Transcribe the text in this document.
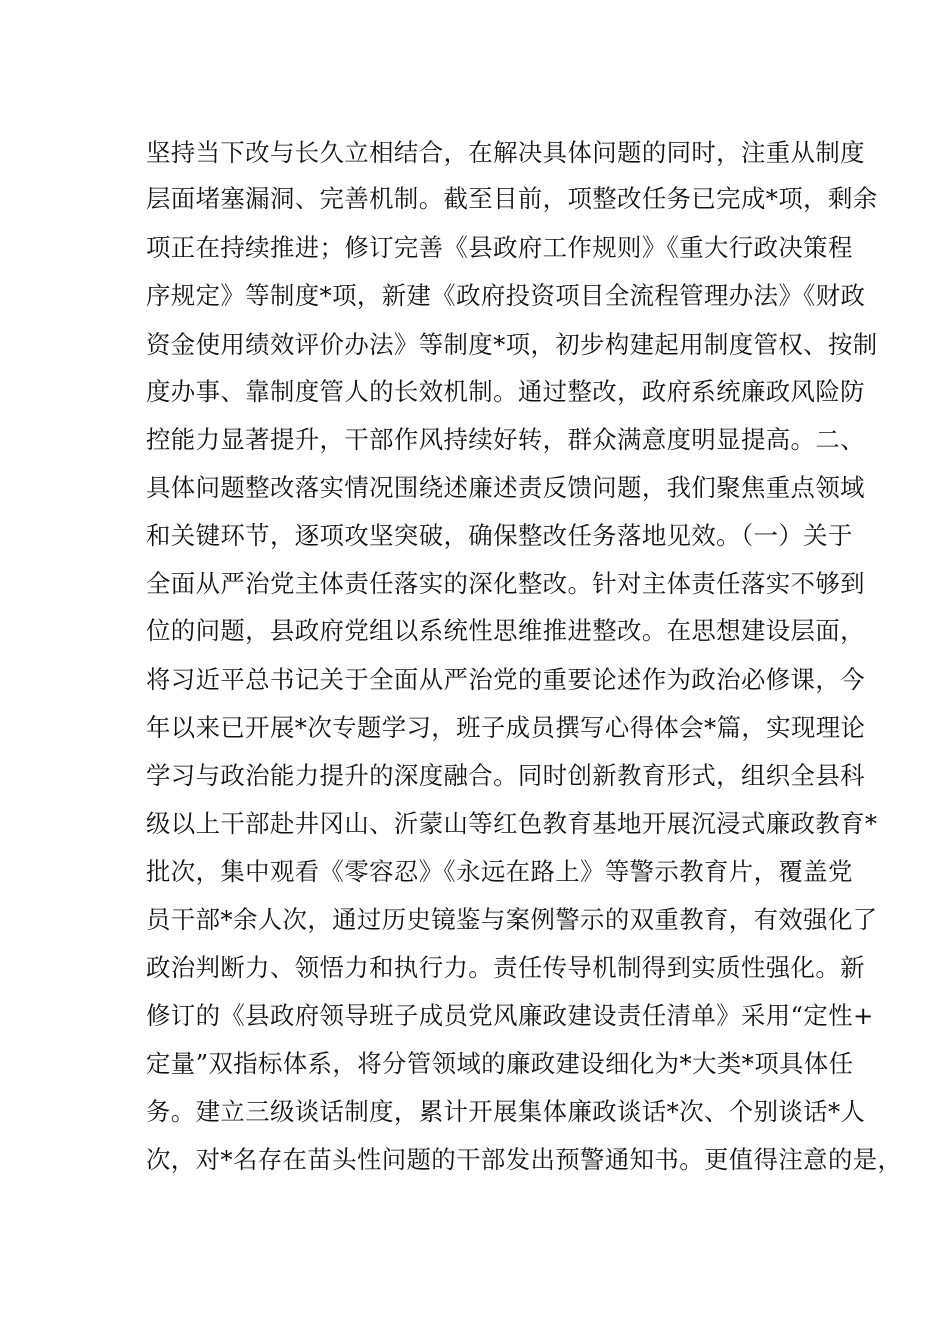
坚持当下改与长久立相结合，在解决具体问题的同时，注重从制度
层面堵塞漏洞、完善机制。截至目前，项整改任务已完成*项，剩余
项正在持续推进；修订完善《县政府工作规则》《重大行政决策程
序规定》等制度*项，新建《政府投资项目全流程管理办法》《财政
资金使用绩效评价办法》等制度*项，初步构建起用制度管权、按制
度办事、靠制度管人的长效机制。通过整改，政府系统廉政风险防
控能力显著提升，干部作风持续好转，群众满意度明显提高。二、
具体问题整改落实情况围绕述廉述责反馈问题，我们聚焦重点领域
和关键环节，逐项攻坚突破，确保整改任务落地见效。（一）关于
全面从严治党主体责任落实的深化整改。针对主体责任落实不够到
位的问题，县政府党组以系统性思维推进整改。在思想建设层面，
将习近平总书记关于全面从严治党的重要论述作为政治必修课，今
年以来已开展*次专题学习，班子成员撰写心得体会*篇，实现理论
学习与政治能力提升的深度融合。同时创新教育形式，组织全县科
级以上干部赴井冈山、沂蒙山等红色教育基地开展沉浸式廉政教育*
批次，集中观看《零容忍》《永远在路上》等警示教育片，覆盖党
员干部*余人次，通过历史镜鉴与案例警示的双重教育，有效强化了
政治判断力、领悟力和执行力。责任传导机制得到实质性强化。新
修订的《县政府领导班子成员党风廉政建设责任清单》采用“定性+
定量”双指标体系，将分管领域的廉政建设细化为*大类*项具体任
务。建立三级谈话制度，累计开展集体廉政谈话*次、个别谈话*人
次，对*名存在苗头性问题的干部发出预警通知书。更值得注意的是，
